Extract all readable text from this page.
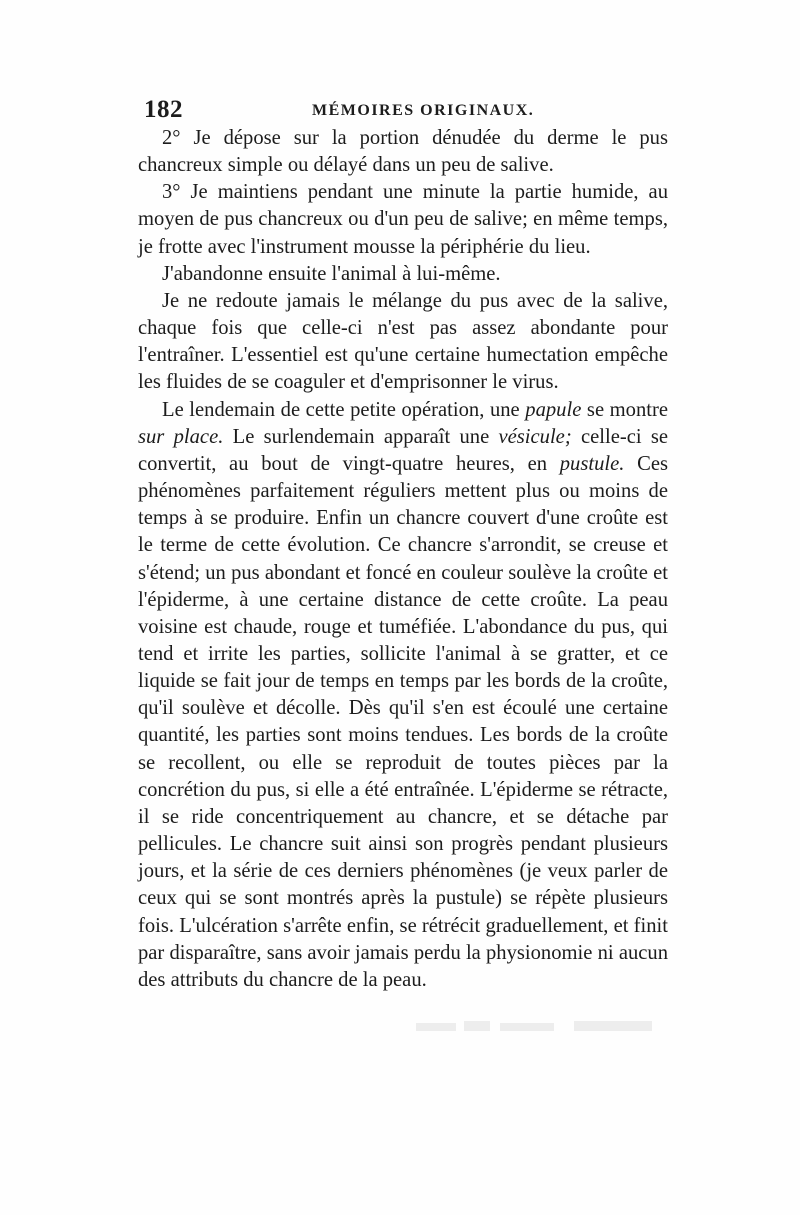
182	MÉMOIRES ORIGINAUX.

2° Je dépose sur la portion dénudée du derme le pus chancreux simple ou délayé dans un peu de salive.

3° Je maintiens pendant une minute la partie humide, au moyen de pus chancreux ou d'un peu de salive; en même temps, je frotte avec l'instrument mousse la périphérie du lieu.

J'abandonne ensuite l'animal à lui-même.

Je ne redoute jamais le mélange du pus avec de la salive, chaque fois que celle-ci n'est pas assez abondante pour l'entraîner. L'essentiel est qu'une certaine humectation empêche les fluides de se coaguler et d'emprisonner le virus.

Le lendemain de cette petite opération, une papule se montre sur place. Le surlendemain apparaît une vésicule; celle-ci se convertit, au bout de vingt-quatre heures, en pustule. Ces phénomènes parfaitement réguliers mettent plus ou moins de temps à se produire. Enfin un chancre couvert d'une croûte est le terme de cette évolution. Ce chancre s'arrondit, se creuse et s'étend; un pus abondant et foncé en couleur soulève la croûte et l'épiderme, à une certaine distance de cette croûte. La peau voisine est chaude, rouge et tuméfiée. L'abondance du pus, qui tend et irrite les parties, sollicite l'animal à se gratter, et ce liquide se fait jour de temps en temps par les bords de la croûte, qu'il soulève et décolle. Dès qu'il s'en est écoulé une certaine quantité, les parties sont moins tendues. Les bords de la croûte se recollent, ou elle se reproduit de toutes pièces par la concrétion du pus, si elle a été entraînée. L'épiderme se rétracte, il se ride concentriquement au chancre, et se détache par pellicules. Le chancre suit ainsi son progrès pendant plusieurs jours, et la série de ces derniers phénomènes (je veux parler de ceux qui se sont montrés après la pustule) se répète plusieurs fois. L'ulcération s'arrête enfin, se rétrécit graduellement, et finit par disparaître, sans avoir jamais perdu la physionomie ni aucun des attributs du chancre de la peau.
